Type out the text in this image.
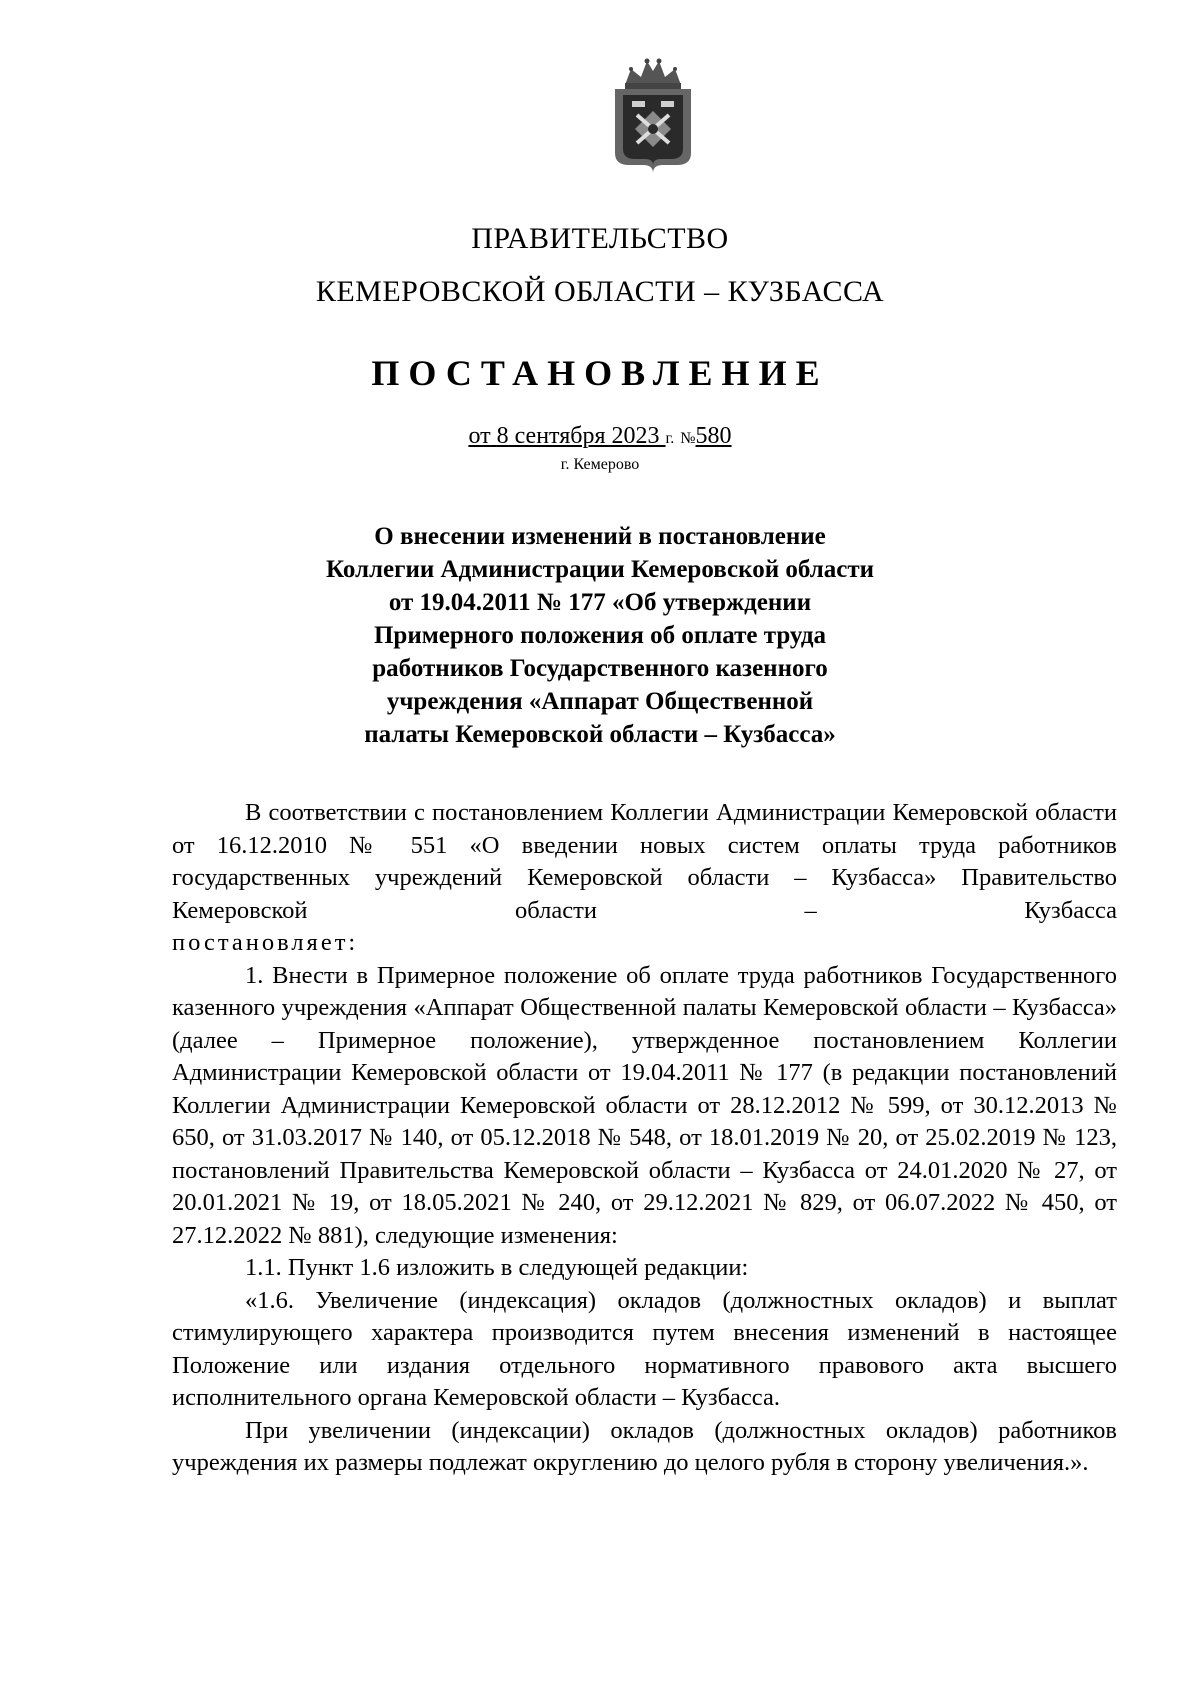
ПРАВИТЕЛЬСТВО
КЕМЕРОВСКОЙ ОБЛАСТИ – КУЗБАССА
ПОСТАНОВЛЕНИЕ
от 8 сентября 2023 г. №580
г. Кемерово
О внесении изменений в постановление
Коллегии Администрации Кемеровской области
от 19.04.2011 № 177 «Об утверждении
Примерного положения об оплате труда
работников Государственного казенного
учреждения «Аппарат Общественной
палаты Кемеровской области – Кузбасса»

В соответствии с постановлением Коллегии Администрации Кемеровской области от 16.12.2010 № 551 «О введении новых систем оплаты труда работников государственных учреждений Кемеровской области – Кузбасса» Правительство Кемеровской области – Кузбасса

постановляет:

1. Внести в Примерное положение об оплате труда работников Государственного казенного учреждения «Аппарат Общественной палаты Кемеровской области – Кузбасса» (далее – Примерное положение), утвержденное постановлением Коллегии Администрации Кемеровской области от 19.04.2011 № 177 (в редакции постановлений Коллегии Администрации Кемеровской области от 28.12.2012 № 599, от 30.12.2013 № 650, от 31.03.2017 № 140, от 05.12.2018 № 548, от 18.01.2019 № 20, от 25.02.2019 № 123, постановлений Правительства Кемеровской области – Кузбасса от 24.01.2020 № 27, от 20.01.2021 № 19, от 18.05.2021 № 240, от 29.12.2021 № 829, от 06.07.2022 № 450, от 27.12.2022 № 881), следующие изменения:

1.1. Пункт 1.6 изложить в следующей редакции:

«1.6. Увеличение (индексация) окладов (должностных окладов) и выплат стимулирующего характера производится путем внесения изменений в настоящее Положение или издания отдельного нормативного правового акта высшего исполнительного органа Кемеровской области – Кузбасса.

При увеличении (индексации) окладов (должностных окладов) работников учреждения их размеры подлежат округлению до целого рубля в сторону увеличения.».
